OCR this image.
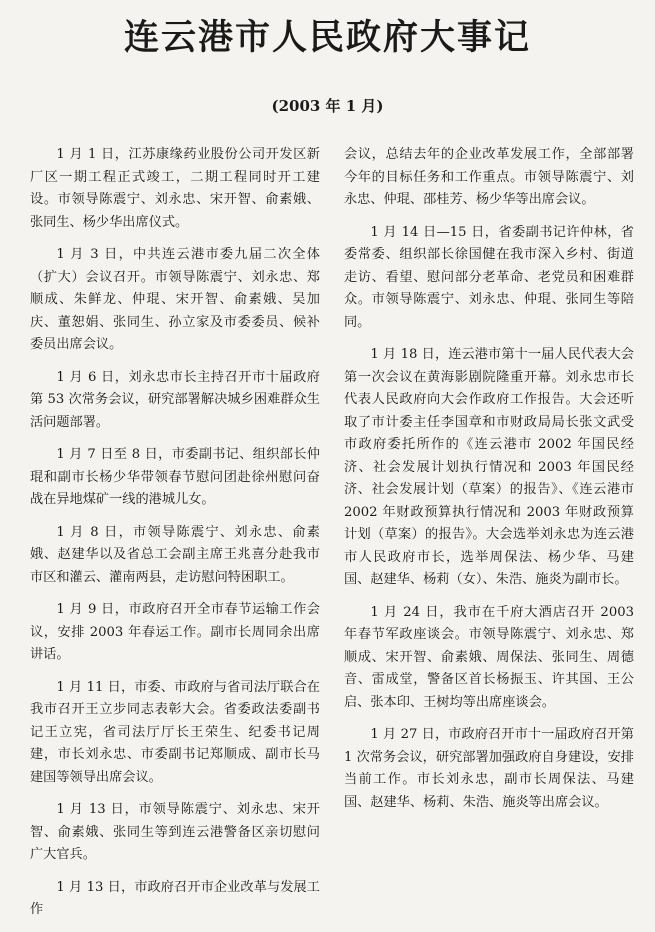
连云港市人民政府大事记
(2003 年 1 月)

1 月 1 日，江苏康缘药业股份公司开发区新厂区一期工程正式竣工，二期工程同时开工建设。市领导陈震宁、刘永忠、宋开智、俞素娥、张同生、杨少华出席仪式。

1 月 3 日，中共连云港市委九届二次全体（扩大）会议召开。市领导陈震宁、刘永忠、郑顺成、朱鲜龙、仲琨、宋开智、俞素娥、吴加庆、董恕娟、张同生、孙立家及市委委员、候补委员出席会议。

1 月 6 日，刘永忠市长主持召开市十届政府第 53 次常务会议，研究部署解决城乡困难群众生活问题部署。

1 月 7 日至 8 日，市委副书记、组织部长仲琨和副市长杨少华带领春节慰问团赴徐州慰问奋战在异地煤矿一线的港城儿女。

1 月 8 日，市领导陈震宁、刘永忠、俞素娥、赵建华以及省总工会副主席王兆喜分赴我市市区和灌云、灌南两县，走访慰问特困职工。

1 月 9 日，市政府召开全市春节运输工作会议，安排 2003 年春运工作。副市长周同余出席讲话。

1 月 11 日，市委、市政府与省司法厅联合在我市召开王立步同志表彰大会。省委政法委副书记王立宪，省司法厅厅长王荣生、纪委书记周建，市长刘永忠、市委副书记郑顺成、副市长马建国等领导出席会议。

1 月 13 日，市领导陈震宁、刘永忠、宋开智、俞素娥、张同生等到连云港警备区亲切慰问广大官兵。

1 月 13 日，市政府召开市企业改革与发展工作

会议，总结去年的企业改革发展工作，全部部署今年的目标任务和工作重点。市领导陈震宁、刘永忠、仲琨、邵桂芳、杨少华等出席会议。

1 月 14 日—15 日，省委副书记许仲林，省委常委、组织部长徐国健在我市深入乡村、街道走访、看望、慰问部分老革命、老党员和困难群众。市领导陈震宁、刘永忠、仲琨、张同生等陪同。

1 月 18 日，连云港市第十一届人民代表大会第一次会议在黄海影剧院隆重开幕。刘永忠市长代表人民政府向大会作政府工作报告。大会还听取了市计委主任李国章和市财政局局长张文武受市政府委托所作的《连云港市 2002 年国民经济、社会发展计划执行情况和 2003 年国民经济、社会发展计划（草案）的报告》、《连云港市 2002 年财政预算执行情况和 2003 年财政预算计划（草案）的报告》。大会选举刘永忠为连云港市人民政府市长，选举周保法、杨少华、马建国、赵建华、杨莉（女）、朱浩、施炎为副市长。

1 月 24 日，我市在千府大酒店召开 2003 年春节军政座谈会。市领导陈震宁、刘永忠、郑顺成、宋开智、俞素娥、周保法、张同生、周德音、雷成堂，警备区首长杨振玉、许其国、王公启、张本印、王树均等出席座谈会。

1 月 27 日，市政府召开市十一届政府召开第 1 次常务会议，研究部署加强政府自身建设，安排当前工作。市长刘永忠，副市长周保法、马建国、赵建华、杨莉、朱浩、施炎等出席会议。
